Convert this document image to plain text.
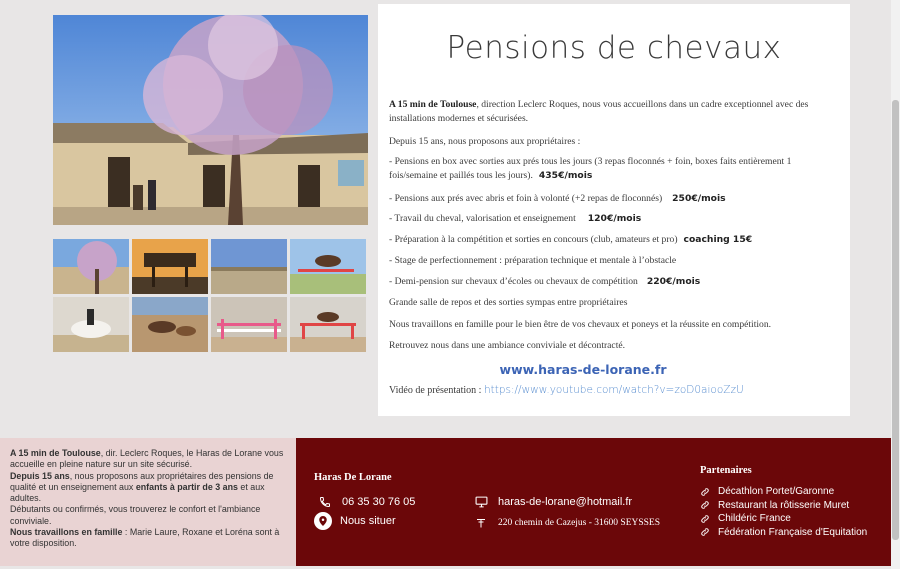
Pensions de chevaux
A 15 min de Toulouse, direction Leclerc Roques, nous vous accueillons dans un cadre exceptionnel avec des installations modernes et sécurisées.
Depuis 15 ans, nous proposons aux propriétaires :
- Pensions en box avec sorties aux prés tous les jours (3 repas floconnés + foin, boxes faits entièrement 1 fois/semaine et paillés tous les jours). 435€/mois
- Pensions aux prés avec abris et foin à volonté (+2 repas de floconnés) 250€/mois
- Travail du cheval, valorisation et enseignement 120€/mois
- Préparation à la compétition et sorties en concours (club, amateurs et pro) coaching 15€
- Stage de perfectionnement : préparation technique et mentale à l’obstacle
- Demi-pension sur chevaux d’écoles ou chevaux de compétition 220€/mois
Grande salle de repos et des sorties sympas entre propriétaires
Nous travaillons en famille pour le bien être de vos chevaux et poneys et la réussite en compétition.
Retrouvez nous dans une ambiance conviviale et décontracté.
www.haras-de-lorane.fr
Vidéo de présentation : https://www.youtube.com/watch?v=zoD0aiooZzU

A 15 min de Toulouse, dir. Leclerc Roques, le Haras de Lorane vous accueille en pleine nature sur un site sécurisé.

Depuis 15 ans, nous proposons aux propriétaires des pensions de qualité et un enseignement aux enfants à partir de 3 ans et aux adultes.

Débutants ou confirmés, vous trouverez le confort et l'ambiance conviviale.

Nous travaillons en famille : Marie Laure, Roxane et Loréna sont à votre disposition.

Haras De Lorane
06 35 30 76 05
Nous situer
haras-de-lorane@hotmail.fr
220 chemin de Cazejus - 31600 SEYSSES
Partenaires
Décathlon Portet/Garonne
Restaurant la rôtisserie Muret
Childéric France
Fédération Française d'Equitation
